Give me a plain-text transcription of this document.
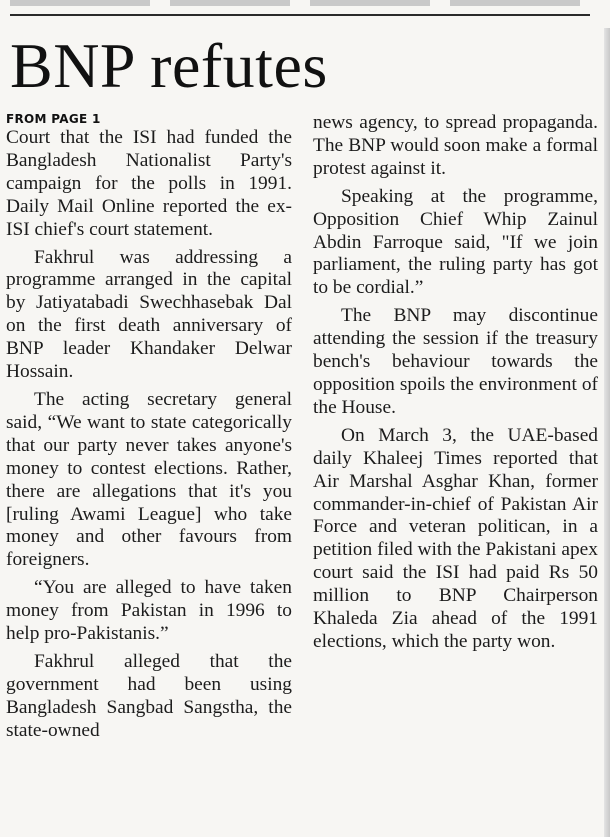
BNP refutes
FROM PAGE 1

Court that the ISI had funded the Bangladesh Nationalist Party's campaign for the polls in 1991. Daily Mail Online reported the ex-ISI chief's court statement.

Fakhrul was addressing a programme arranged in the capital by Jatiyatabadi Swechhasebak Dal on the first death anniversary of BNP leader Khandaker Delwar Hossain.

The acting secretary general said, “We want to state categorically that our party never takes anyone's money to contest elections. Rather, there are allegations that it's you [ruling Awami League] who take money and other favours from foreigners.

“You are alleged to have taken money from Pakistan in 1996 to help pro-Pakistanis.”

Fakhrul alleged that the government had been using Bangladesh Sangbad Sangstha, the state-owned

news agency, to spread propaganda. The BNP would soon make a formal protest against it.

Speaking at the programme, Opposition Chief Whip Zainul Abdin Farroque said, "If we join parliament, the ruling party has got to be cordial.”

The BNP may discontinue attending the session if the treasury bench's behaviour towards the opposition spoils the environment of the House.

On March 3, the UAE-based daily Khaleej Times reported that Air Marshal Asghar Khan, former commander-in-chief of Pakistan Air Force and veteran politican, in a petition filed with the Pakistani apex court said the ISI had paid Rs 50 million to BNP Chairperson Khaleda Zia ahead of the 1991 elections, which the party won.
